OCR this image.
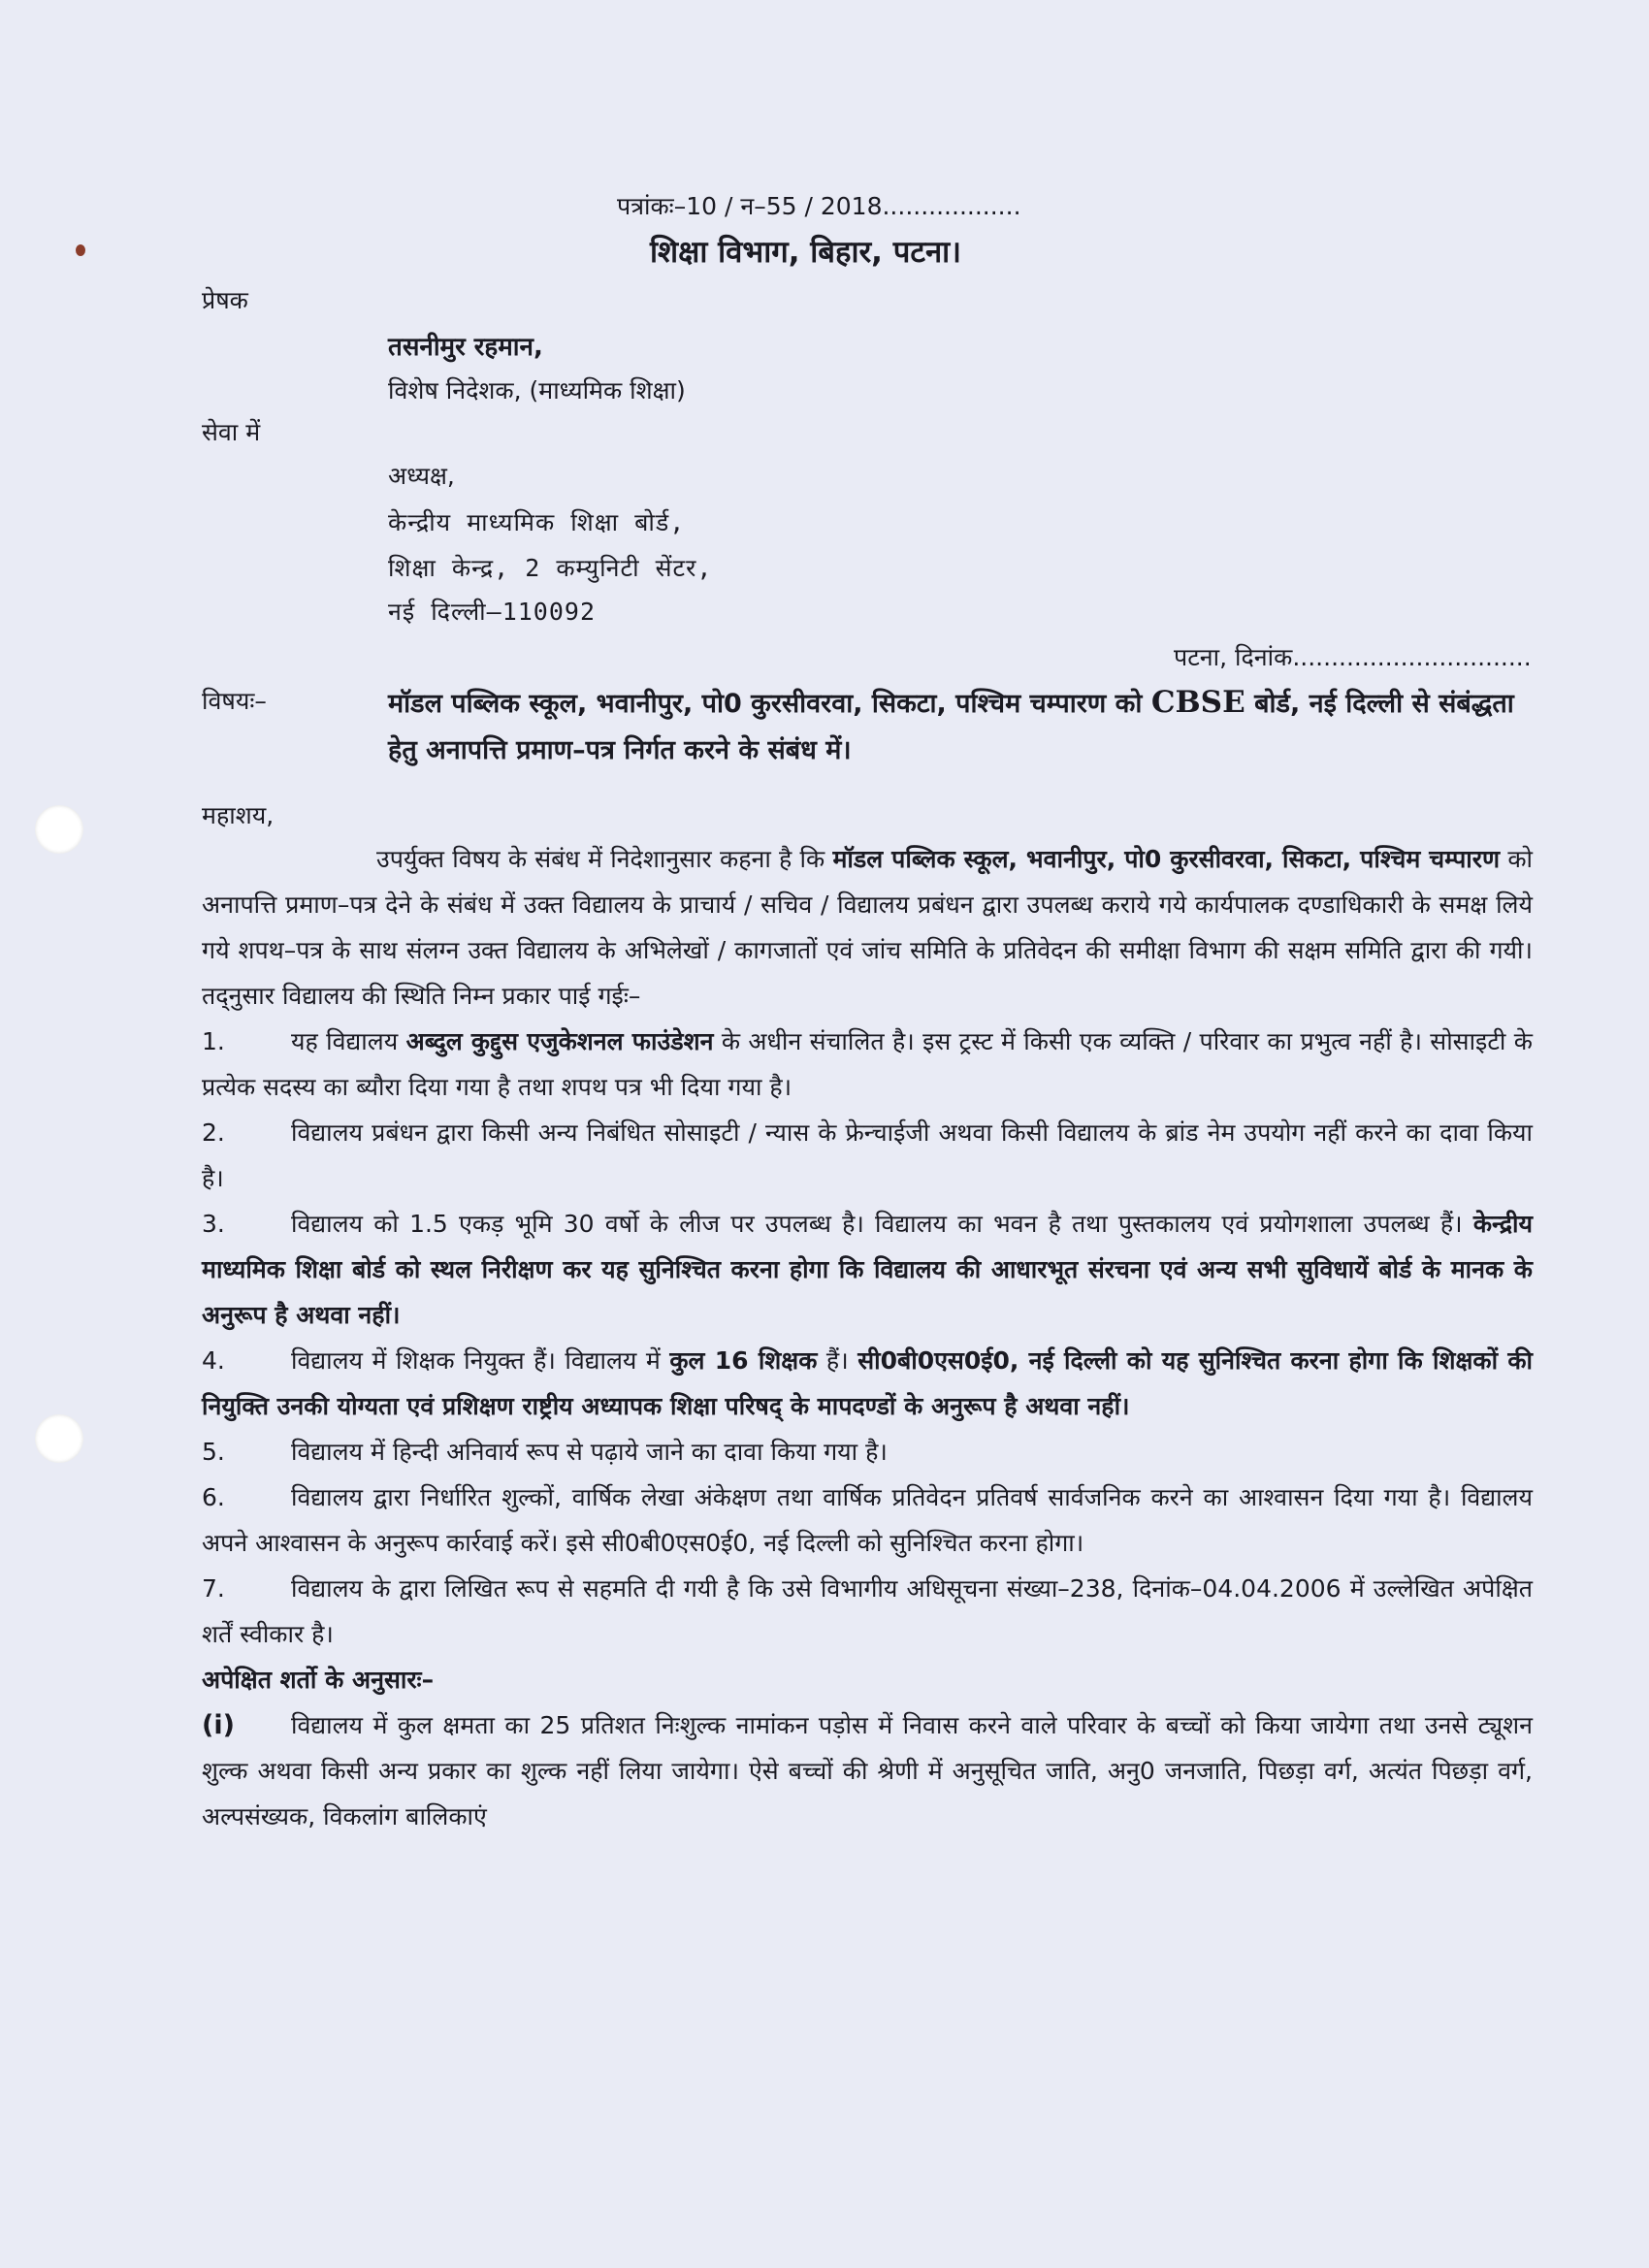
पत्रांकः–10 / न–55 / 2018..................
शिक्षा विभाग, बिहार, पटना।
प्रेषक
तसनीमुर रहमान,
विशेष निदेशक, (माध्यमिक शिक्षा)
सेवा में
अध्यक्ष,
केन्द्रीय माध्यमिक शिक्षा बोर्ड,
शिक्षा केन्द्र, 2 कम्युनिटी सेंटर,
नई दिल्ली–110092
पटना, दिनांक...............................
विषयः–	मॉडल पब्लिक स्कूल, भवानीपुर, पो0 कुरसीवरवा, सिकटा, पश्चिम चम्पारण को CBSE बोर्ड, नई दिल्ली से संबंद्धता हेतु अनापत्ति प्रमाण–पत्र निर्गत करने के संबंध में।
महाशय,
उपर्युक्त विषय के संबंध में निदेशानुसार कहना है कि मॉडल पब्लिक स्कूल, भवानीपुर, पो0 कुरसीवरवा, सिकटा, पश्चिम चम्पारण को अनापत्ति प्रमाण–पत्र देने के संबंध में उक्त विद्यालय के प्राचार्य / सचिव / विद्यालय प्रबंधन द्वारा उपलब्ध कराये गये कार्यपालक दण्डाधिकारी के समक्ष लिये गये शपथ–पत्र के साथ संलग्न उक्त विद्यालय के अभिलेखों / कागजातों एवं जांच समिति के प्रतिवेदन की समीक्षा विभाग की सक्षम समिति द्वारा की गयी। तद्नुसार विद्यालय की स्थिति निम्न प्रकार पाई गईः–
1.	यह विद्यालय अब्दुल कुद्दुस एजुकेशनल फाउंडेशन के अधीन संचालित है। इस ट्रस्ट में किसी एक व्यक्ति / परिवार का प्रभुत्व नहीं है। सोसाइटी के प्रत्येक सदस्य का ब्यौरा दिया गया है तथा शपथ पत्र भी दिया गया है।
2.	विद्यालय प्रबंधन द्वारा किसी अन्य निबंधित सोसाइटी / न्यास के फ्रेन्चाईजी अथवा किसी विद्यालय के ब्रांड नेम उपयोग नहीं करने का दावा किया है।
3.	विद्यालय को 1.5 एकड़ भूमि 30 वर्षो के लीज पर उपलब्ध है। विद्यालय का भवन है तथा पुस्तकालय एवं प्रयोगशाला उपलब्ध हैं। केन्द्रीय माध्यमिक शिक्षा बोर्ड को स्थल निरीक्षण कर यह सुनिश्चित करना होगा कि विद्यालय की आधारभूत संरचना एवं अन्य सभी सुविधायें बोर्ड के मानक के अनुरूप है अथवा नहीं।
4.	विद्यालय में शिक्षक नियुक्त हैं। विद्यालय में कुल 16 शिक्षक हैं। सी0बी0एस0ई0, नई दिल्ली को यह सुनिश्चित करना होगा कि शिक्षकों की नियुक्ति उनकी योग्यता एवं प्रशिक्षण राष्ट्रीय अध्यापक शिक्षा परिषद् के मापदण्डों के अनुरूप है अथवा नहीं।
5.	विद्यालय में हिन्दी अनिवार्य रूप से पढ़ाये जाने का दावा किया गया है।
6.	विद्यालय द्वारा निर्धारित शुल्कों, वार्षिक लेखा अंकेक्षण तथा वार्षिक प्रतिवेदन प्रतिवर्ष सार्वजनिक करने का आश्वासन दिया गया है। विद्यालय अपने आश्वासन के अनुरूप कार्रवाई करें। इसे सी0बी0एस0ई0, नई दिल्ली को सुनिश्चित करना होगा।
7.	विद्यालय के द्वारा लिखित रूप से सहमति दी गयी है कि उसे विभागीय अधिसूचना संख्या–238, दिनांक–04.04.2006 में उल्लेखित अपेक्षित शर्तें स्वीकार है।
अपेक्षित शर्तो के अनुसारः–
(i) विद्यालय में कुल क्षमता का 25 प्रतिशत निःशुल्क नामांकन पड़ोस में निवास करने वाले परिवार के बच्चों को किया जायेगा तथा उनसे ट्यूशन शुल्क अथवा किसी अन्य प्रकार का शुल्क नहीं लिया जायेगा। ऐसे बच्चों की श्रेणी में अनुसूचित जाति, अनु0 जनजाति, पिछड़ा वर्ग, अत्यंत पिछड़ा वर्ग, अल्पसंख्यक, विकलांग बालिकाएं
